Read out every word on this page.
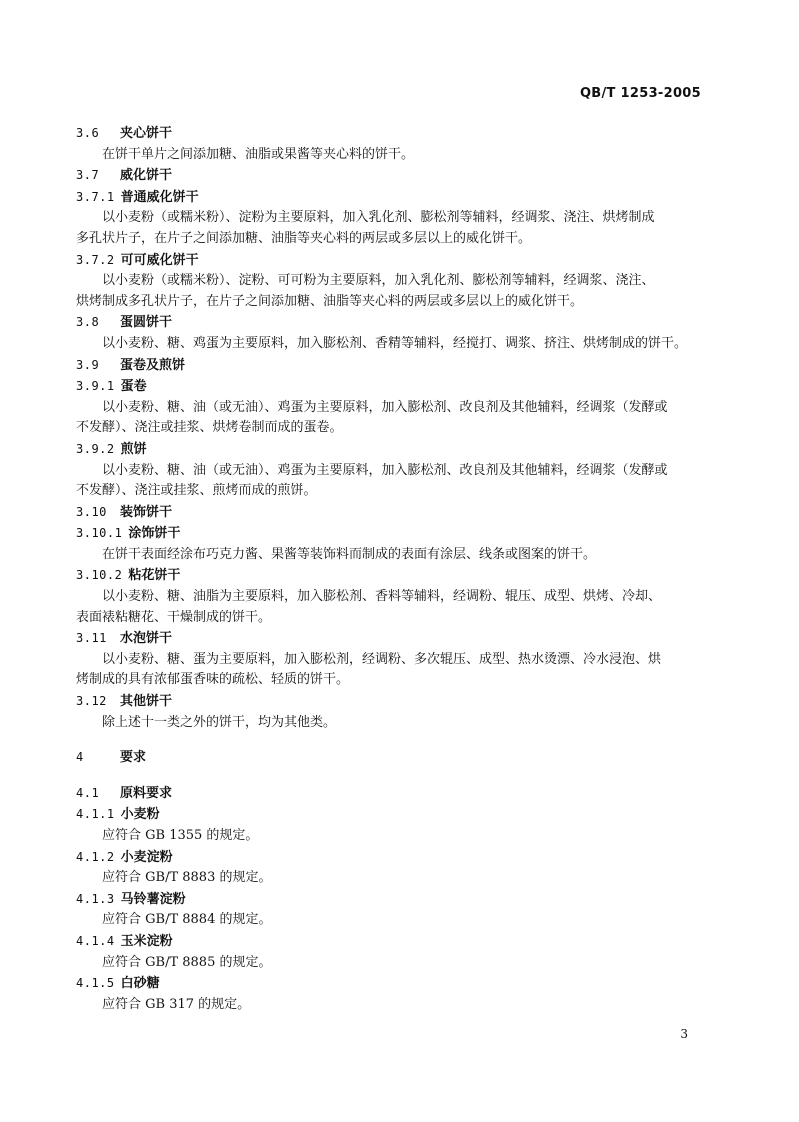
QB/T 1253-2005
3.6 夹心饼干
在饼干单片之间添加糖、油脂或果酱等夹心料的饼干。
3.7 威化饼干
3.7.1 普通威化饼干
以小麦粉（或糯米粉）、淀粉为主要原料，加入乳化剂、膨松剂等辅料，经调浆、浇注、烘烤制成
多孔状片子，在片子之间添加糖、油脂等夹心料的两层或多层以上的威化饼干。
3.7.2 可可威化饼干
以小麦粉（或糯米粉）、淀粉、可可粉为主要原料，加入乳化剂、膨松剂等辅料，经调浆、浇注、
烘烤制成多孔状片子，在片子之间添加糖、油脂等夹心料的两层或多层以上的威化饼干。
3.8 蛋圆饼干
以小麦粉、糖、鸡蛋为主要原料，加入膨松剂、香精等辅料，经搅打、调浆、挤注、烘烤制成的饼干。
3.9 蛋卷及煎饼
3.9.1 蛋卷
以小麦粉、糖、油（或无油）、鸡蛋为主要原料，加入膨松剂、改良剂及其他辅料，经调浆（发酵或
不发酵）、浇注或挂浆、烘烤卷制而成的蛋卷。
3.9.2 煎饼
以小麦粉、糖、油（或无油）、鸡蛋为主要原料，加入膨松剂、改良剂及其他辅料，经调浆（发酵或
不发酵）、浇注或挂浆、煎烤而成的煎饼。
3.10 装饰饼干
3.10.1 涂饰饼干
在饼干表面经涂布巧克力酱、果酱等装饰料而制成的表面有涂层、线条或图案的饼干。
3.10.2 粘花饼干
以小麦粉、糖、油脂为主要原料，加入膨松剂、香料等辅料，经调粉、辊压、成型、烘烤、冷却、
表面裱粘糖花、干燥制成的饼干。
3.11 水泡饼干
以小麦粉、糖、蛋为主要原料，加入膨松剂，经调粉、多次辊压、成型、热水烫漂、冷水浸泡、烘
烤制成的具有浓郁蛋香味的疏松、轻质的饼干。
3.12 其他饼干
除上述十一类之外的饼干，均为其他类。
4	要求
4.1 原料要求
4.1.1 小麦粉
应符合 GB 1355 的规定。
4.1.2 小麦淀粉
应符合 GB/T 8883 的规定。
4.1.3 马铃薯淀粉
应符合 GB/T 8884 的规定。
4.1.4 玉米淀粉
应符合 GB/T 8885 的规定。
4.1.5 白砂糖
应符合 GB 317 的规定。
3
